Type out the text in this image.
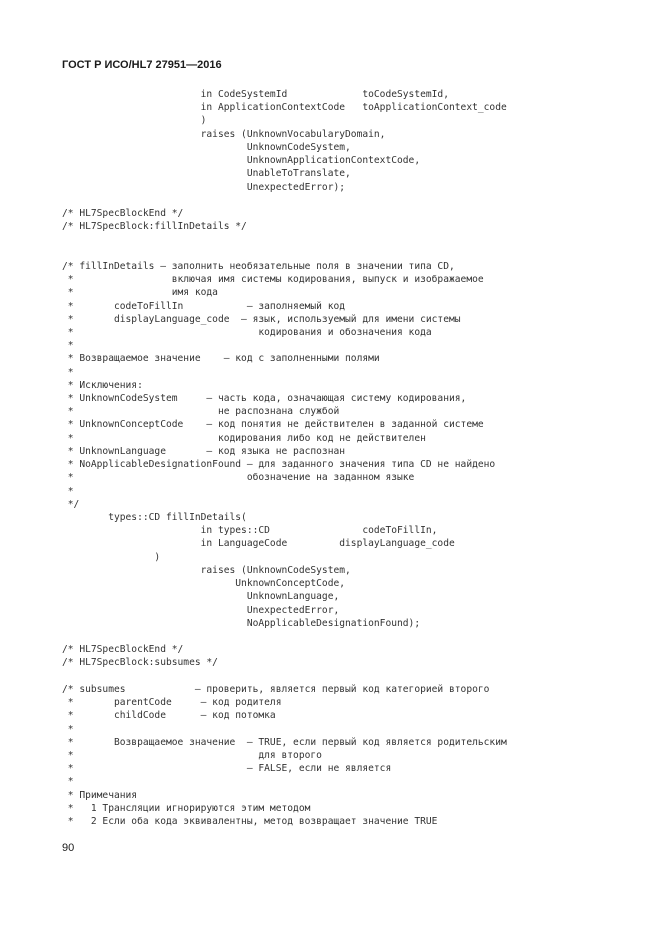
ГОСТ Р ИСО/HL7 27951—2016
in CodeSystemId             toCodeSystemId,
in ApplicationContextCode   toApplicationContext_code
)
raises (UnknownVocabularyDomain,
UnknownCodeSystem,
UnknownApplicationContextCode,
UnableToTranslate,
UnexpectedError);
/* HL7SpecBlockEnd */
/* HL7SpecBlock:fillInDetails */
/* fillInDetails – заполнить необязательные поля в значении типа CD,
*                 включая имя системы кодирования, выпуск и изображаемое
*                 имя кода
*       codeToFillIn           – заполняемый код
*       displayLanguage_code  – язык, используемый для имени системы
*                                кодирования и обозначения кода
*
* Возвращаемое значение    – код с заполненными полями
*
* Исключения:
* UnknownCodeSystem     – часть кода, означающая систему кодирования,
*                         не распознана службой
* UnknownConceptCode    – код понятия не действителен в заданной системе
*                         кодирования либо код не действителен
* UnknownLanguage       – код языка не распознан
* NoApplicableDesignationFound – для заданного значения типа CD не найдено
*                              обозначение на заданном языке
*
*/
types::CD fillInDetails(
in types::CD                codeToFillIn,
in LanguageCode         displayLanguage_code
)
raises (UnknownCodeSystem,
UnknownConceptCode,
UnknownLanguage,
UnexpectedError,
NoApplicableDesignationFound);
/* HL7SpecBlockEnd */
/* HL7SpecBlock:subsumes */
/* subsumes            – проверить, является первый код категорией второго
*       parentCode     – код родителя
*       childCode      – код потомка
*
*       Возвращаемое значение  – TRUE, если первый код является родительским
*                                для второго
*                              – FALSE, если не является
*
* Примечания
*   1 Трансляции игнорируются этим методом
*   2 Если оба кода эквивалентны, метод возвращает значение TRUE
90
